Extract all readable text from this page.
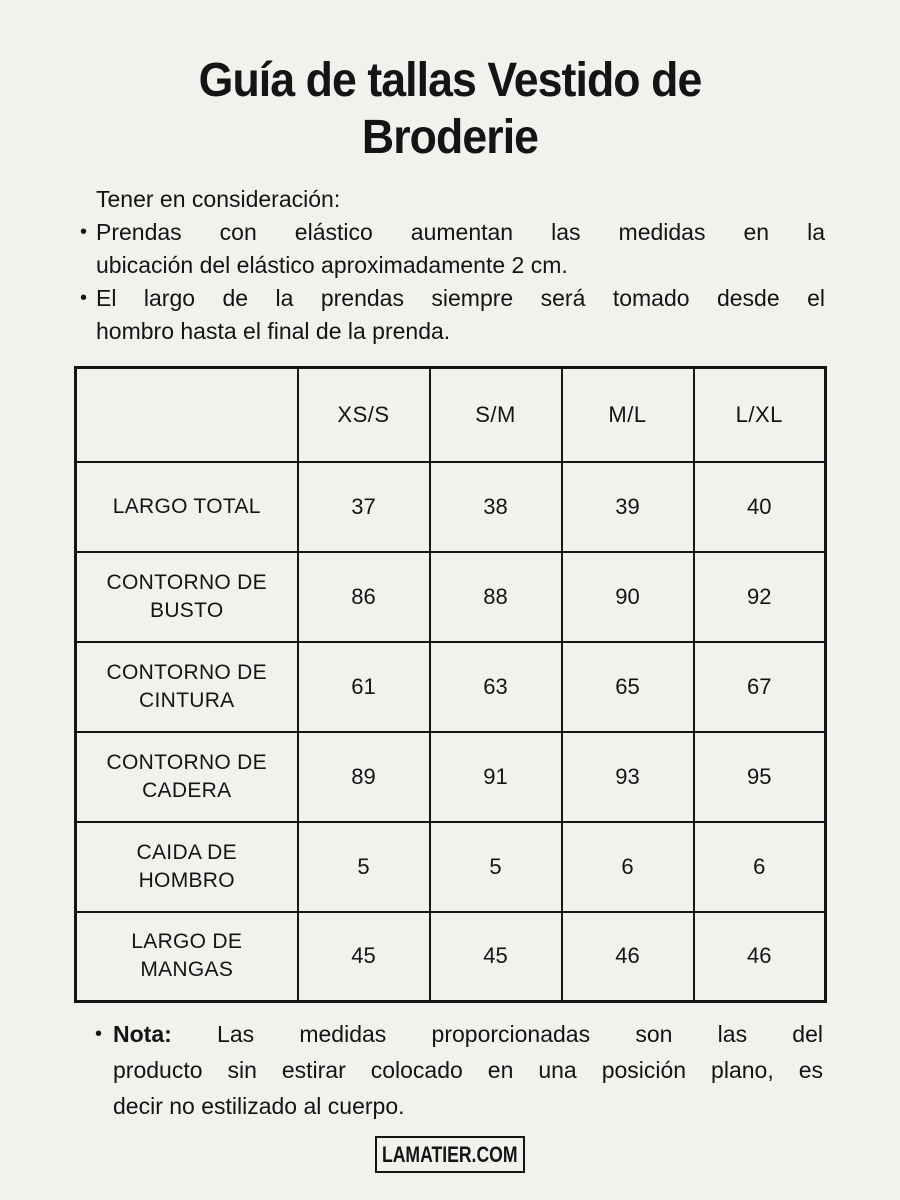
Guía de tallas Vestido de
Broderie
Tener en consideración:
• Prendas con elástico aumentan las medidas en la
ubicación del elástico aproximadamente 2 cm.
• El largo de la prendas siempre será tomado desde el
hombro hasta el final de la prenda.
	XS/S	S/M	M/L	L/XL
LARGO TOTAL	37	38	39	40
CONTORNO DE BUSTO	86	88	90	92
CONTORNO DE CINTURA	61	63	65	67
CONTORNO DE CADERA	89	91	93	95
CAIDA DE HOMBRO	5	5	6	6
LARGO DE MANGAS	45	45	46	46
• Nota: Las medidas proporcionadas son las del
producto sin estirar colocado en una posición plano, es
decir no estilizado al cuerpo.
LAMATIER.COM
